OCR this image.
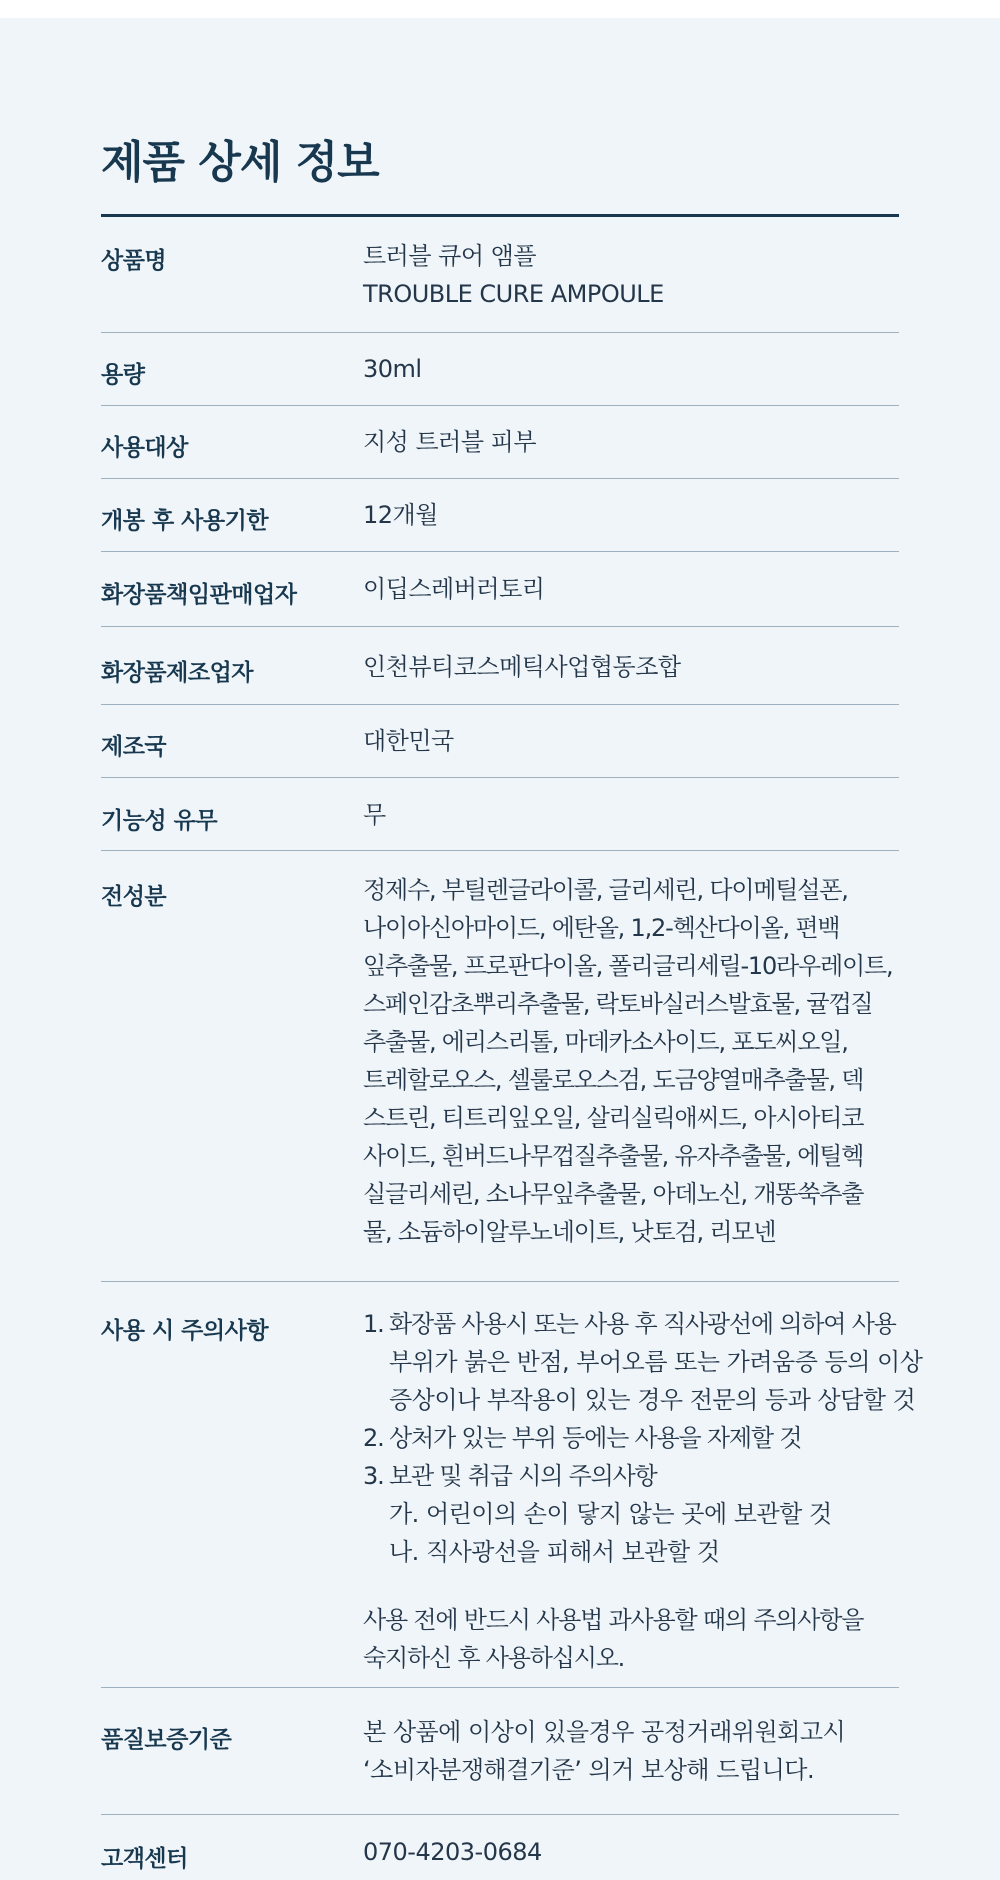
제품 상세 정보
상품명	트러블 큐어 앰플
TROUBLE CURE AMPOULE
용량	30ml
사용대상	지성 트러블 피부
개봉 후 사용기한	12개월
화장품책임판매업자	이딥스레버러토리
화장품제조업자	인천뷰티코스메틱사업협동조합
제조국	대한민국
기능성 유무	무
전성분	정제수, 부틸렌글라이콜, 글리세린, 다이메틸설폰,
나이아신아마이드, 에탄올, 1,2-헥산다이올, 편백
잎추출물, 프로판다이올, 폴리글리세릴-10라우레이트,
스페인감초뿌리추출물, 락토바실러스발효물, 귤껍질
추출물, 에리스리톨, 마데카소사이드, 포도씨오일,
트레할로오스, 셀룰로오스검, 도금양열매추출물, 덱
스트린, 티트리잎오일, 살리실릭애씨드, 아시아티코
사이드, 흰버드나무껍질추출물, 유자추출물, 에틸헥
실글리세린, 소나무잎추출물, 아데노신, 개똥쑥추출
물, 소듐하이알루노네이트, 낫토검, 리모넨
사용 시 주의사항	1. 화장품 사용시 또는 사용 후 직사광선에 의하여 사용
부위가 붉은 반점, 부어오름 또는 가려움증 등의 이상
증상이나 부작용이 있는 경우 전문의 등과 상담할 것
2. 상처가 있는 부위 등에는 사용을 자제할 것
3. 보관 및 취급 시의 주의사항
가. 어린이의 손이 닿지 않는 곳에 보관할 것
나. 직사광선을 피해서 보관할 것
사용 전에 반드시 사용법 과사용할 때의 주의사항을
숙지하신 후 사용하십시오.
품질보증기준	본 상품에 이상이 있을경우 공정거래위원회고시
‘소비자분쟁해결기준’ 의거 보상해 드립니다.
고객센터	070-4203-0684
